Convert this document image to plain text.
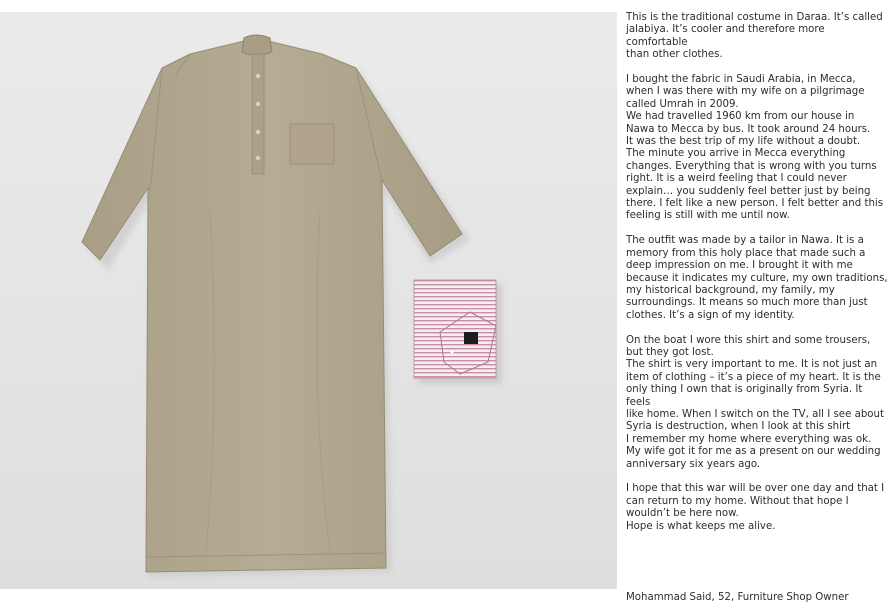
This is the traditional costume in Daraa. It’s called
jalabiya. It’s cooler and therefore more comfortable
than other clothes.

I bought the fabric in Saudi Arabia, in Mecca,
when I was there with my wife on a pilgrimage
called Umrah in 2009.
We had travelled 1960 km from our house in
Nawa to Mecca by bus. It took around 24 hours.
It was the best trip of my life without a doubt.
The minute you arrive in Mecca everything
changes. Everything that is wrong with you turns
right. It is a weird feeling that I could never
explain… you suddenly feel better just by being
there. I felt like a new person. I felt better and this
feeling is still with me until now.

The outfit was made by a tailor in Nawa. It is a
memory from this holy place that made such a
deep impression on me. I brought it with me
because it indicates my culture, my own traditions,
my historical background, my family, my
surroundings. It means so much more than just
clothes. It’s a sign of my identity.

On the boat I wore this shirt and some trousers,
but they got lost.
The shirt is very important to me. It is not just an
item of clothing – it’s a piece of my heart. It is the
only thing I own that is originally from Syria. It feels
like home. When I switch on the TV, all I see about
Syria is destruction, when I look at this shirt
I remember my home where everything was ok.
My wife got it for me as a present on our wedding
anniversary six years ago.

I hope that this war will be over one day and that I
can return to my home. Without that hope I
wouldn’t be here now.
Hope is what keeps me alive.

Mohammad Said, 52, Furniture Shop Owner
